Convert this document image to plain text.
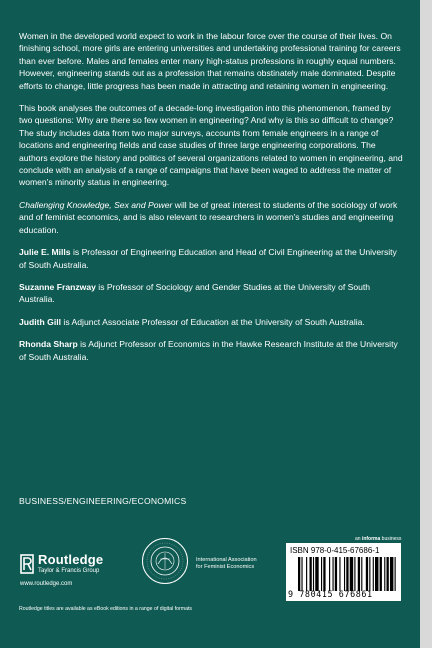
Women in the developed world expect to work in the labour force over the course of their lives. On finishing school, more girls are entering universities and undertaking professional training for careers than ever before. Males and females enter many high-status professions in roughly equal numbers. However, engineering stands out as a profession that remains obstinately male dominated. Despite efforts to change, little progress has been made in attracting and retaining women in engineering.

This book analyses the outcomes of a decade-long investigation into this phenomenon, framed by two questions: Why are there so few women in engineering? And why is this so difficult to change? The study includes data from two major surveys, accounts from female engineers in a range of locations and engineering fields and case studies of three large engineering corporations. The authors explore the history and politics of several organizations related to women in engineering, and conclude with an analysis of a range of campaigns that have been waged to address the matter of women's minority status in engineering.

Challenging Knowledge, Sex and Power will be of great interest to students of the sociology of work and of feminist economics, and is also relevant to researchers in women's studies and engineering education.

Julie E. Mills is Professor of Engineering Education and Head of Civil Engineering at the University of South Australia.

Suzanne Franzway is Professor of Sociology and Gender Studies at the University of South Australia.

Judith Gill is Adjunct Associate Professor of Education at the University of South Australia.

Rhonda Sharp is Adjunct Professor of Economics in the Hawke Research Institute at the University of South Australia.

BUSINESS/ENGINEERING/ECONOMICS
Routledge
Taylor & Francis Group
www.routledge.com
International Association
for Feminist Economics
an informa business
ISBN 978-0-415-67686-1
9 780415 676861
Routledge titles are available as eBook editions in a range of digital formats
